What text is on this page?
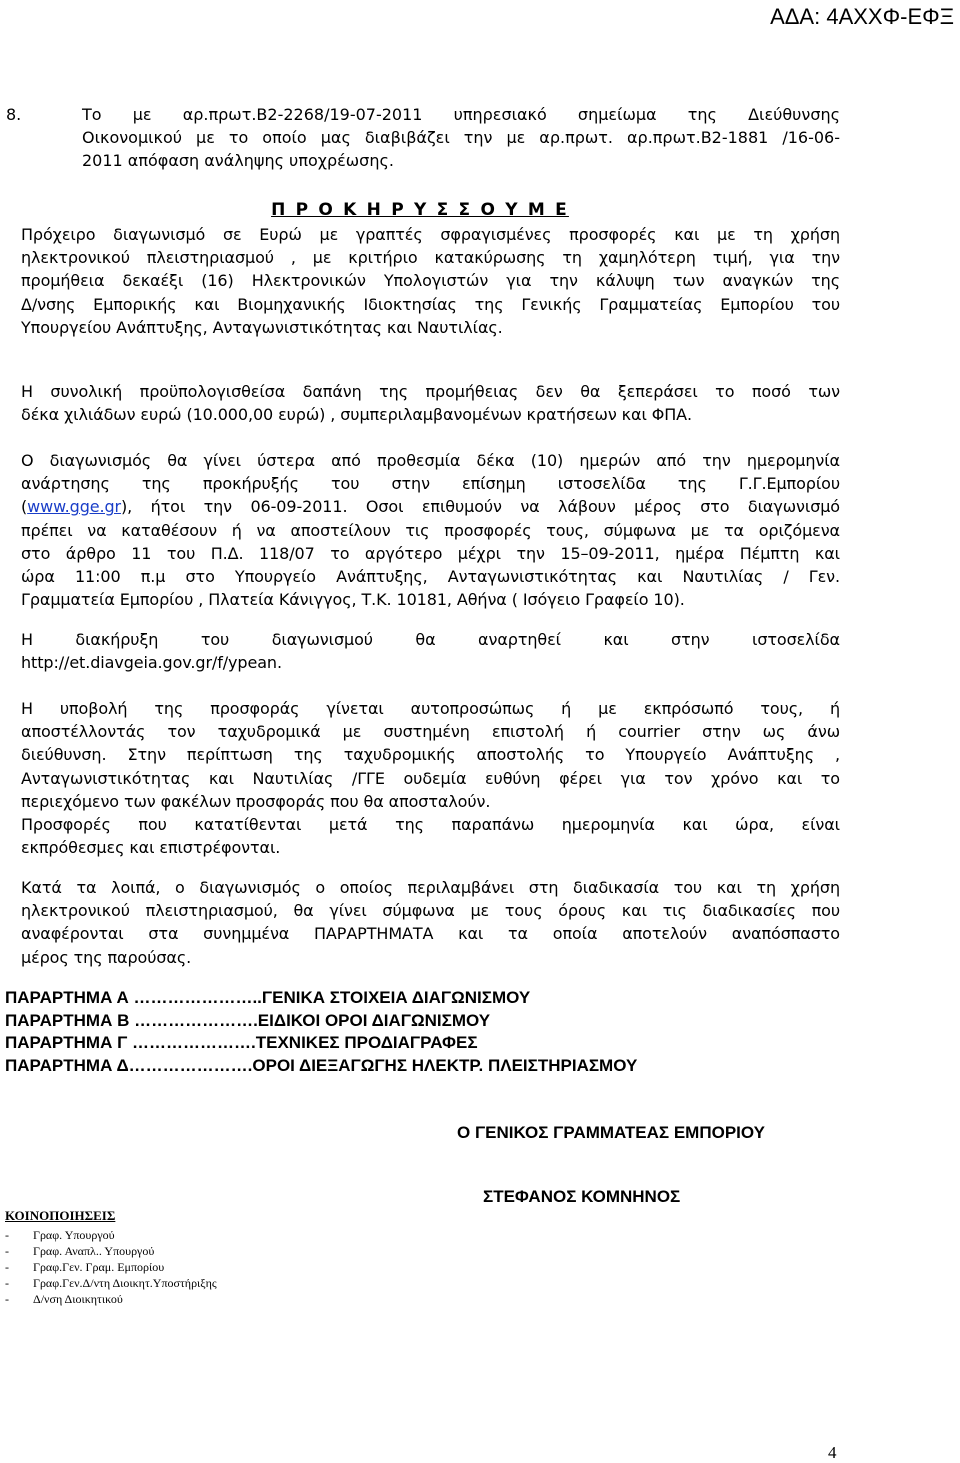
ΑΔΑ: 4ΑΧΧΦ-ΕΦΞ
8.	Το με αρ.πρωτ.Β2-2268/19-07-2011 υπηρεσιακό σημείωμα της Διεύθυνσης
Οικονομικού με το οποίο μας διαβιβάζει την με αρ.πρωτ. αρ.πρωτ.Β2-1881 /16-06-
2011 απόφαση ανάληψης υποχρέωσης.
Π Ρ Ο Κ Η Ρ Υ Σ Σ Ο Υ Μ Ε
Πρόχειρο διαγωνισμό σε Ευρώ με γραπτές σφραγισμένες προσφορές και με τη χρήση
ηλεκτρονικού πλειστηριασμού , με κριτήριο κατακύρωσης τη χαμηλότερη τιμή, για την
προμήθεια δεκαέξι (16) Ηλεκτρονικών Υπολογιστών για την κάλυψη των αναγκών της
Δ/νσης Εμπορικής και Βιομηχανικής Ιδιοκτησίας της Γενικής Γραμματείας Εμπορίου του
Υπουργείου Ανάπτυξης, Ανταγωνιστικότητας και Ναυτιλίας.
Η συνολική προϋπολογισθείσα δαπάνη της προμήθειας δεν θα ξεπεράσει το ποσό των
δέκα χιλιάδων ευρώ (10.000,00 ευρώ) , συμπεριλαμβανομένων κρατήσεων και ΦΠΑ.
Ο διαγωνισμός θα γίνει ύστερα από προθεσμία δέκα (10) ημερών από την ημερομηνία
ανάρτησης της προκήρυξής του στην επίσημη ιστοσελίδα της Γ.Γ.Εμπορίου
(www.gge.gr), ήτοι την 06-09-2011. Οσοι επιθυμούν να λάβουν μέρος στο διαγωνισμό
πρέπει να καταθέσουν ή να αποστείλουν τις προσφορές τους, σύμφωνα με τα οριζόμενα
στο άρθρο 11 του Π.Δ. 118/07 το αργότερο μέχρι την 15–09-2011, ημέρα Πέμπτη και
ώρα 11:00 π.μ στο Υπουργείο Ανάπτυξης, Ανταγωνιστικότητας και Ναυτιλίας / Γεν.
Γραμματεία Εμπορίου , Πλατεία Κάνιγγος, Τ.Κ. 10181, Αθήνα ( Ισόγειο Γραφείο 10).
Η διακήρυξη του διαγωνισμού θα αναρτηθεί και στην ιστοσελίδα
http://et.diavgeia.gov.gr/f/ypean.
Η υποβολή της προσφοράς γίνεται αυτοπροσώπως ή με εκπρόσωπό τους, ή
αποστέλλοντάς τον ταχυδρομικά με συστημένη επιστολή ή courrier στην ως άνω
διεύθυνση. Στην περίπτωση της ταχυδρομικής αποστολής το Υπουργείο Ανάπτυξης ,
Ανταγωνιστικότητας και Ναυτιλίας /ΓΓΕ ουδεμία ευθύνη φέρει για τον χρόνο και το
περιεχόμενο των φακέλων προσφοράς που θα αποσταλούν.
Προσφορές που κατατίθενται μετά της παραπάνω ημερομηνία και ώρα, είναι
εκπρόθεσμες και επιστρέφονται.
Κατά τα λοιπά, ο διαγωνισμός ο οποίος περιλαμβάνει στη διαδικασία του και τη χρήση
ηλεκτρονικού πλειστηριασμού, θα γίνει σύμφωνα με τους όρους και τις διαδικασίες που
αναφέρονται στα συνημμένα ΠΑΡΑΡΤΗΜΑΤΑ και τα οποία αποτελούν αναπόσπαστο
μέρος της παρούσας.
ΠΑΡΑΡΤΗΜΑ Α …………………..ΓΕΝΙΚΑ ΣΤΟΙΧΕΙΑ ΔΙΑΓΩΝΙΣΜΟΥ
ΠΑΡΑΡΤΗΜΑ Β ………………….ΕΙΔΙΚΟΙ ΟΡΟΙ ΔΙΑΓΩΝΙΣΜΟΥ
ΠΑΡΑΡΤΗΜΑ Γ ………………….ΤΕΧΝΙΚΕΣ ΠΡΟΔΙΑΓΡΑΦΕΣ
ΠΑΡΑΡΤΗΜΑ Δ………………….ΟΡΟΙ ΔΙΕΞΑΓΩΓΗΣ ΗΛΕΚΤΡ. ΠΛΕΙΣΤΗΡΙΑΣΜΟΥ
Ο ΓΕΝΙΚΟΣ ΓΡΑΜΜΑΤΕΑΣ ΕΜΠΟΡΙΟΥ
ΣΤΕΦΑΝΟΣ ΚΟΜΝΗΝΟΣ
ΚΟΙΝΟΠΟΙΗΣΕΙΣ
- Γραφ. Υπουργού
- Γραφ. Αναπλ.. Υπουργού
- Γραφ.Γεν. Γραμ. Εμπορίου
- Γραφ.Γεν.Δ/ντη Διοικητ.Υποστήριξης
- Δ/νση Διοικητικού
4
